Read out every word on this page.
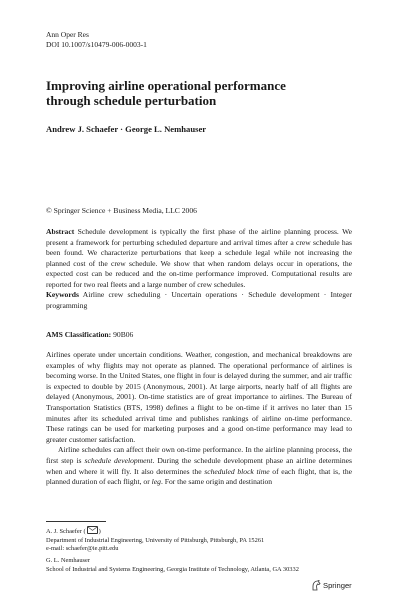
Ann Oper Res
DOI 10.1007/s10479-006-0003-1
Improving airline operational performance
through schedule perturbation
Andrew J. Schaefer · George L. Nemhauser
© Springer Science + Business Media, LLC 2006
Abstract Schedule development is typically the first phase of the airline planning process. We present a framework for perturbing scheduled departure and arrival times after a crew schedule has been found. We characterize perturbations that keep a schedule legal while not increasing the planned cost of the crew schedule. We show that when random delays occur in operations, the expected cost can be reduced and the on-time performance improved. Computational results are reported for two real fleets and a large number of crew schedules.
Keywords Airline crew scheduling · Uncertain operations · Schedule development · Integer programming
AMS Classification: 90B06

Airlines operate under uncertain conditions. Weather, congestion, and mechanical breakdowns are examples of why flights may not operate as planned. The operational performance of airlines is becoming worse. In the United States, one flight in four is delayed during the summer, and air traffic is expected to double by 2015 (Anonymous, 2001). At large airports, nearly half of all flights are delayed (Anonymous, 2001). On-time statistics are of great importance to airlines. The Bureau of Transportation Statistics (BTS, 1998) defines a flight to be on-time if it arrives no later than 15 minutes after its scheduled arrival time and publishes rankings of airline on-time performance. These ratings can be used for marketing purposes and a good on-time performance may lead to greater customer satisfaction.

Airline schedules can affect their own on-time performance. In the airline planning process, the first step is schedule development. During the schedule development phase an airline determines when and where it will fly. It also determines the scheduled block time of each flight, that is, the planned duration of each flight, or leg. For the same origin and destination

A. J. Schaefer ( )
Department of Industrial Engineering, University of Pittsburgh, Pittsburgh, PA 15261
e-mail: schaefer@ie.pitt.edu
G. L. Nemhauser
School of Industrial and Systems Engineering, Georgia Institute of Technology, Atlanta, GA 30332
Springer
